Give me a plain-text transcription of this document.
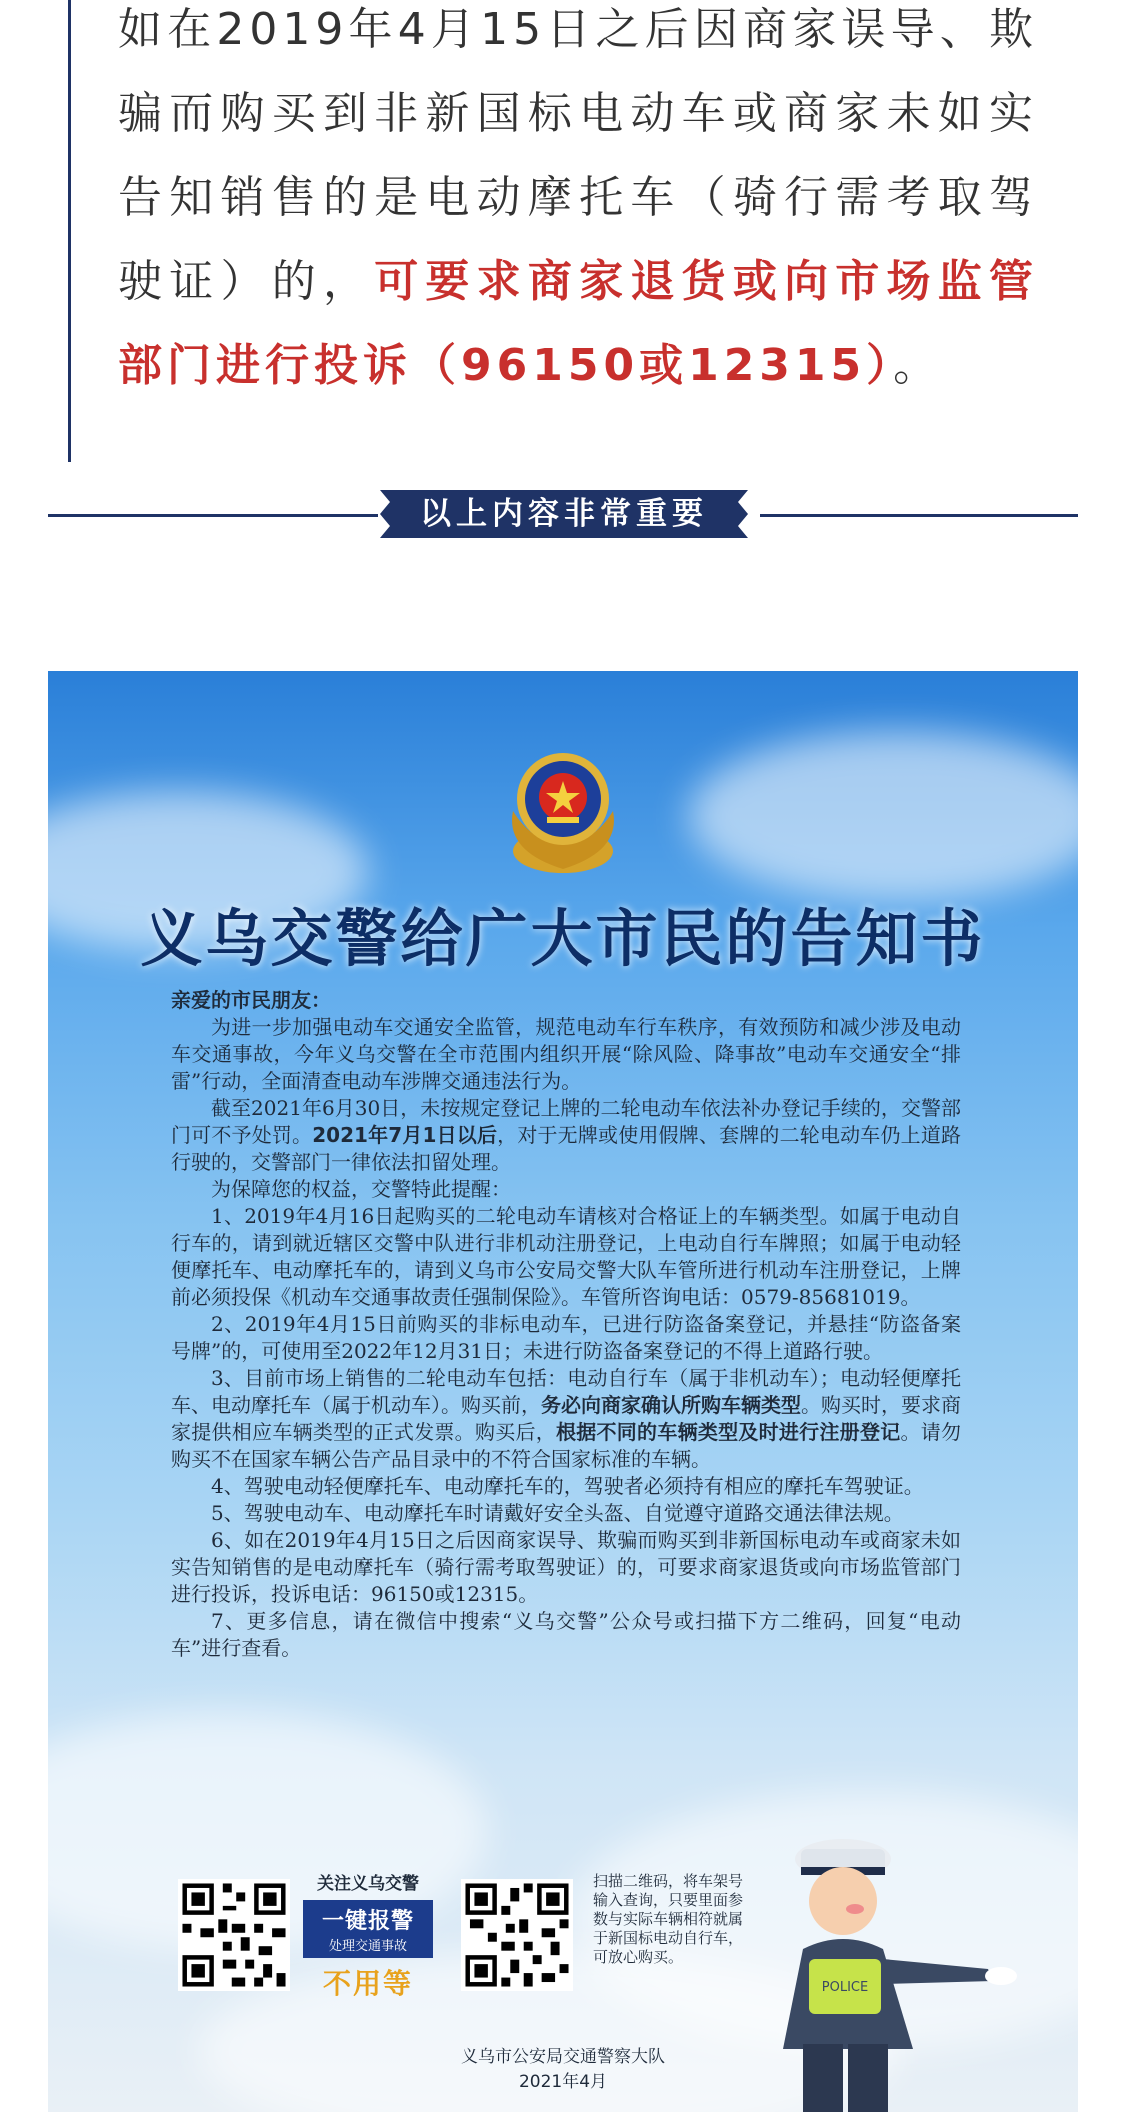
如在2019年4月15日之后因商家误导、欺骗而购买到非新国标电动车或商家未如实告知销售的是电动摩托车（骑行需考取驾驶证）的，可要求商家退货或向市场监管部门进行投诉（96150或12315）。

以上内容非常重要
义乌交警给广大市民的告知书

亲爱的市民朋友：

为进一步加强电动车交通安全监管，规范电动车行车秩序，有效预防和减少涉及电动车交通事故，今年义乌交警在全市范围内组织开展“除风险、降事故”电动车交通安全“排雷”行动，全面清查电动车涉牌交通违法行为。

截至2021年6月30日，未按规定登记上牌的二轮电动车依法补办登记手续的，交警部门可不予处罚。2021年7月1日以后，对于无牌或使用假牌、套牌的二轮电动车仍上道路行驶的，交警部门一律依法扣留处理。

为保障您的权益，交警特此提醒：

1、2019年4月16日起购买的二轮电动车请核对合格证上的车辆类型。如属于电动自行车的，请到就近辖区交警中队进行非机动注册登记，上电动自行车牌照；如属于电动轻便摩托车、电动摩托车的，请到义乌市公安局交警大队车管所进行机动车注册登记，上牌前必须投保《机动车交通事故责任强制保险》。车管所咨询电话：0579-85681019。

2、2019年4月15日前购买的非标电动车，已进行防盗备案登记，并悬挂“防盗备案号牌”的，可使用至2022年12月31日；未进行防盗备案登记的不得上道路行驶。

3、目前市场上销售的二轮电动车包括：电动自行车（属于非机动车）；电动轻便摩托车、电动摩托车（属于机动车）。购买前，务必向商家确认所购车辆类型。购买时，要求商家提供相应车辆类型的正式发票。购买后，根据不同的车辆类型及时进行注册登记。请勿购买不在国家车辆公告产品目录中的不符合国家标准的车辆。

4、驾驶电动轻便摩托车、电动摩托车的，驾驶者必须持有相应的摩托车驾驶证。

5、驾驶电动车、电动摩托车时请戴好安全头盔、自觉遵守道路交通法律法规。

6、如在2019年4月15日之后因商家误导、欺骗而购买到非新国标电动车或商家未如实告知销售的是电动摩托车（骑行需考取驾驶证）的，可要求商家退货或向市场监管部门进行投诉，投诉电话：96150或12315。

7、更多信息，请在微信中搜索“义乌交警”公众号或扫描下方二维码，回复“电动车”进行查看。

关注义乌交警
一键报警
处理交通事故
不用等
扫描二维码，将车架号输入查询，只要里面参数与实际车辆相符就属于新国标电动自行车，可放心购买。
POLICE
义乌市公安局交通警察大队
2021年4月
